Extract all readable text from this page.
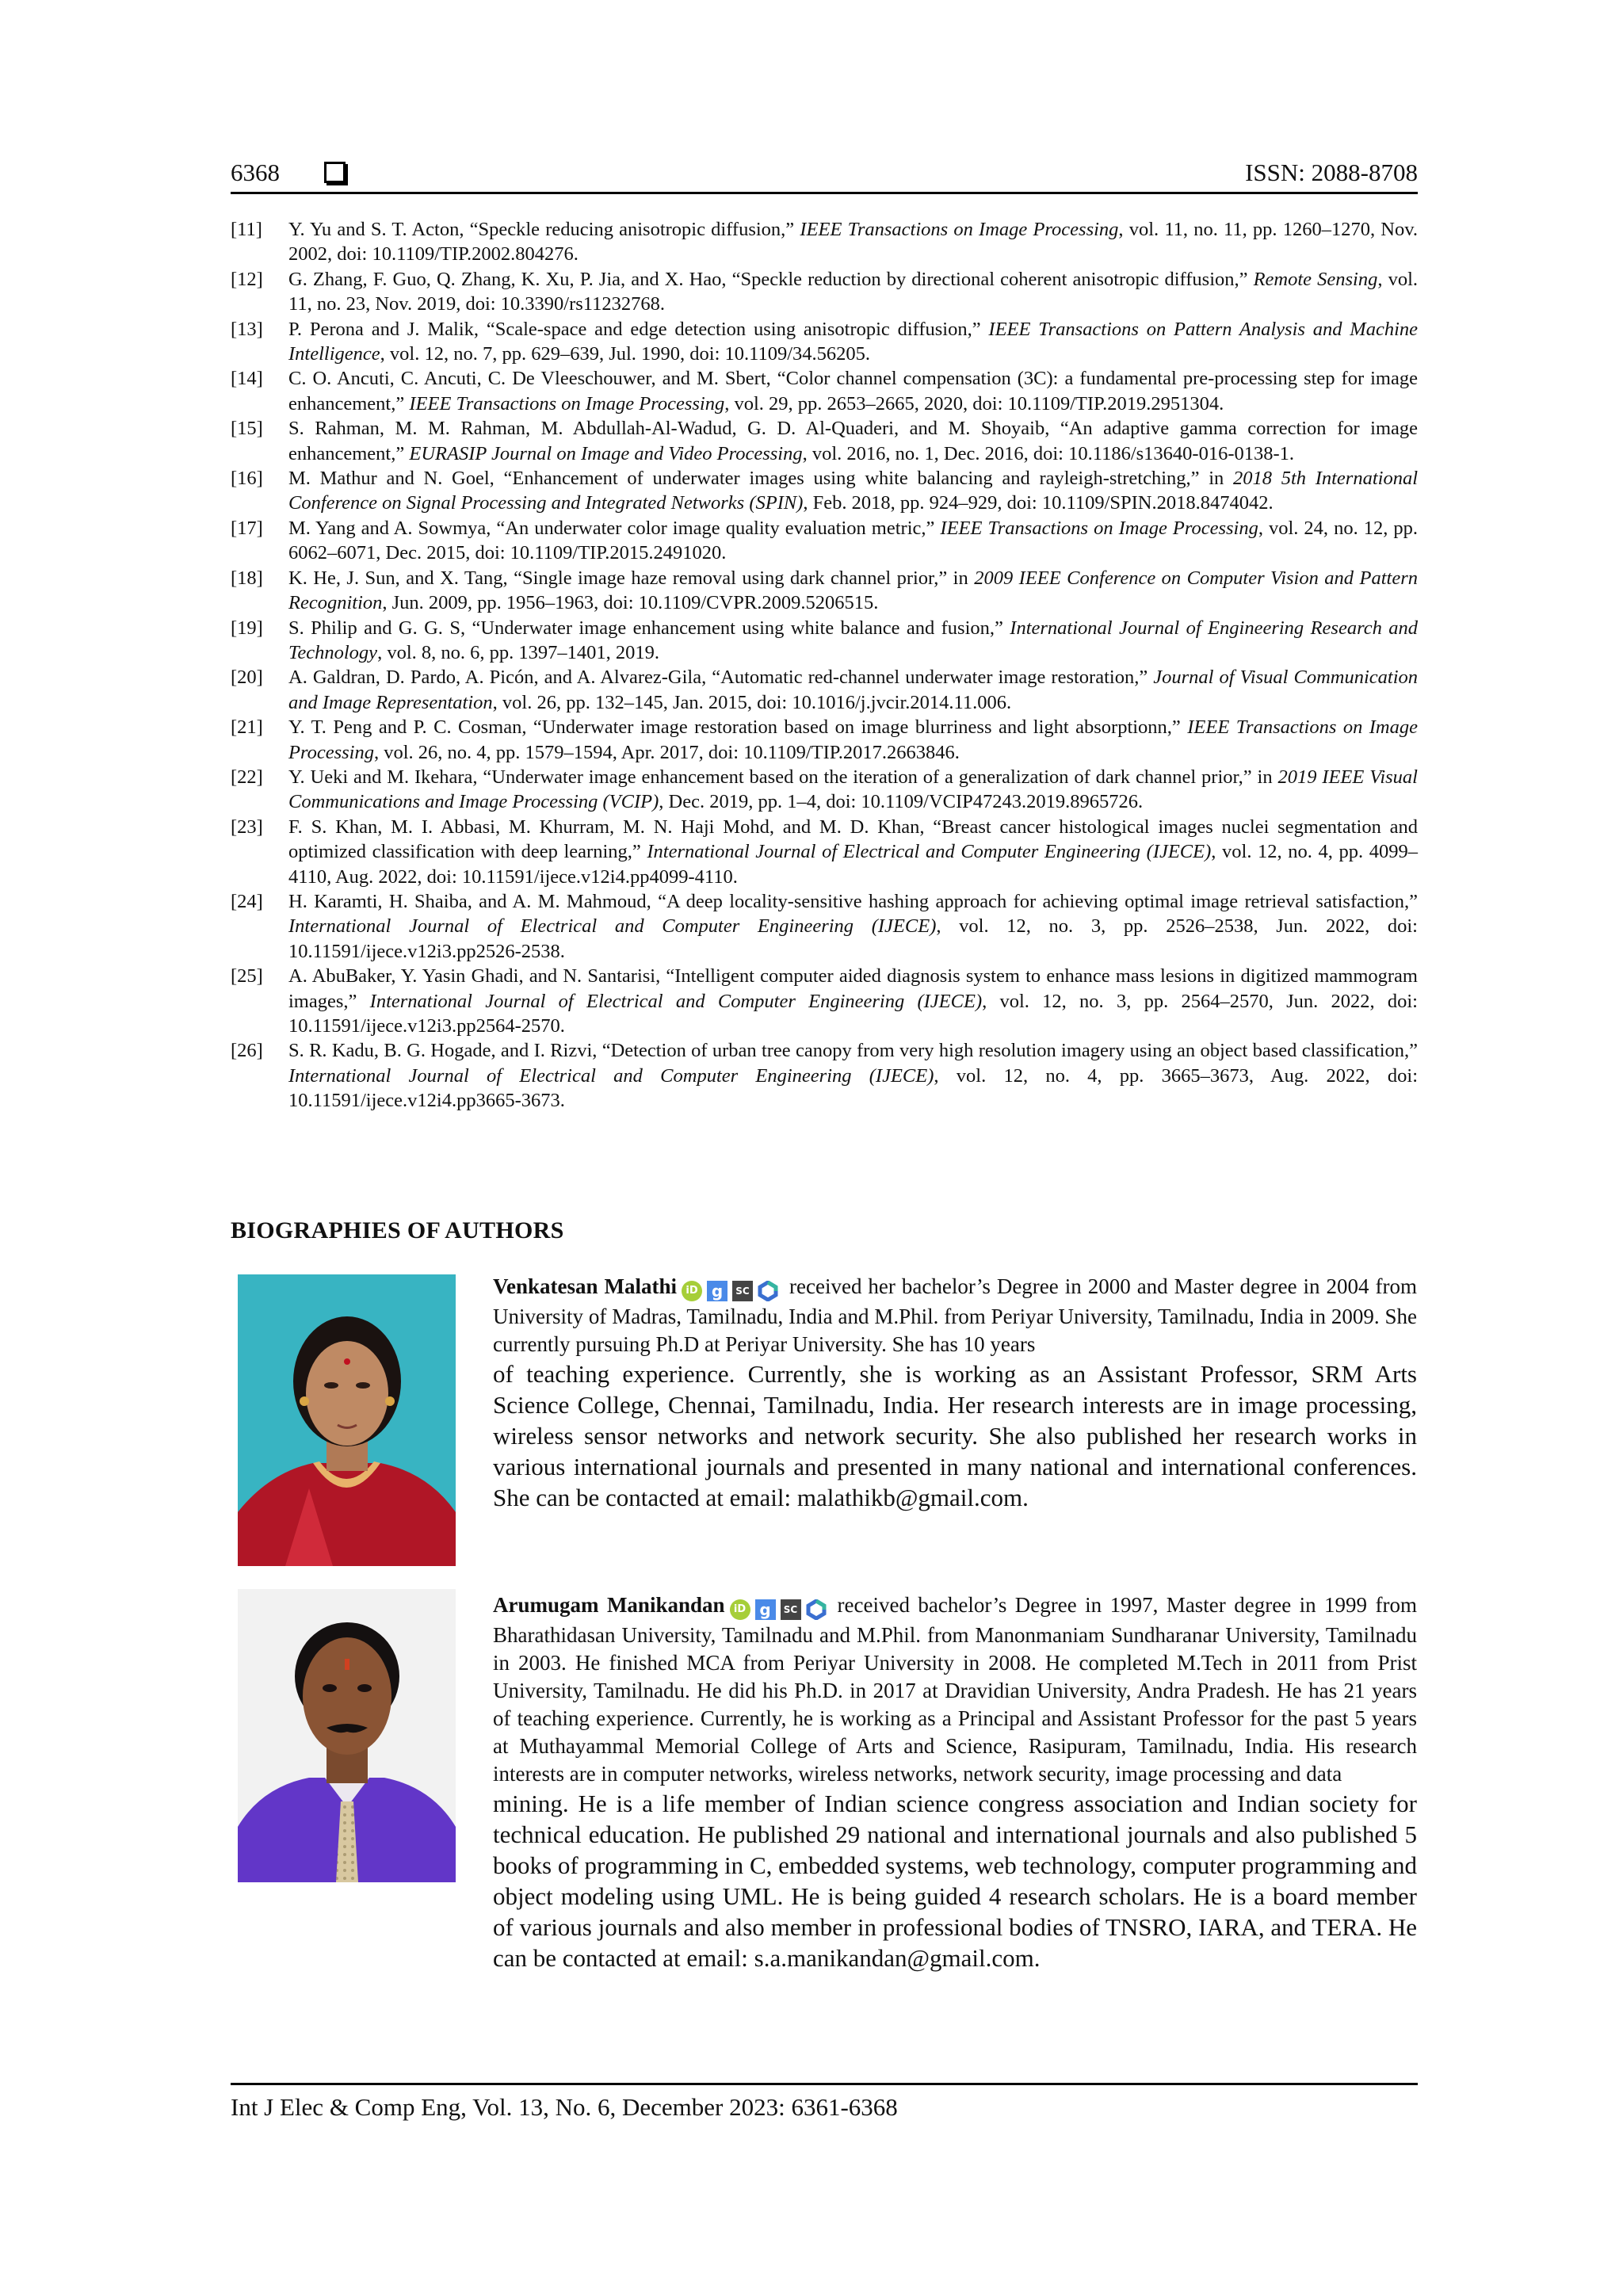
6368	ISSN: 2088-8708
[11] Y. Yu and S. T. Acton, “Speckle reducing anisotropic diffusion,” IEEE Transactions on Image Processing, vol. 11, no. 11, pp. 1260–1270, Nov. 2002, doi: 10.1109/TIP.2002.804276.
[12] G. Zhang, F. Guo, Q. Zhang, K. Xu, P. Jia, and X. Hao, “Speckle reduction by directional coherent anisotropic diffusion,” Remote Sensing, vol. 11, no. 23, Nov. 2019, doi: 10.3390/rs11232768.
[13] P. Perona and J. Malik, “Scale-space and edge detection using anisotropic diffusion,” IEEE Transactions on Pattern Analysis and Machine Intelligence, vol. 12, no. 7, pp. 629–639, Jul. 1990, doi: 10.1109/34.56205.
[14] C. O. Ancuti, C. Ancuti, C. De Vleeschouwer, and M. Sbert, “Color channel compensation (3C): a fundamental pre-processing step for image enhancement,” IEEE Transactions on Image Processing, vol. 29, pp. 2653–2665, 2020, doi: 10.1109/TIP.2019.2951304.
[15] S. Rahman, M. M. Rahman, M. Abdullah-Al-Wadud, G. D. Al-Quaderi, and M. Shoyaib, “An adaptive gamma correction for image enhancement,” EURASIP Journal on Image and Video Processing, vol. 2016, no. 1, Dec. 2016, doi: 10.1186/s13640-016-0138-1.
[16] M. Mathur and N. Goel, “Enhancement of underwater images using white balancing and rayleigh-stretching,” in 2018 5th International Conference on Signal Processing and Integrated Networks (SPIN), Feb. 2018, pp. 924–929, doi: 10.1109/SPIN.2018.8474042.
[17] M. Yang and A. Sowmya, “An underwater color image quality evaluation metric,” IEEE Transactions on Image Processing, vol. 24, no. 12, pp. 6062–6071, Dec. 2015, doi: 10.1109/TIP.2015.2491020.
[18] K. He, J. Sun, and X. Tang, “Single image haze removal using dark channel prior,” in 2009 IEEE Conference on Computer Vision and Pattern Recognition, Jun. 2009, pp. 1956–1963, doi: 10.1109/CVPR.2009.5206515.
[19] S. Philip and G. G. S, “Underwater image enhancement using white balance and fusion,” International Journal of Engineering Research and Technology, vol. 8, no. 6, pp. 1397–1401, 2019.
[20] A. Galdran, D. Pardo, A. Picón, and A. Alvarez-Gila, “Automatic red-channel underwater image restoration,” Journal of Visual Communication and Image Representation, vol. 26, pp. 132–145, Jan. 2015, doi: 10.1016/j.jvcir.2014.11.006.
[21] Y. T. Peng and P. C. Cosman, “Underwater image restoration based on image blurriness and light absorptionn,” IEEE Transactions on Image Processing, vol. 26, no. 4, pp. 1579–1594, Apr. 2017, doi: 10.1109/TIP.2017.2663846.
[22] Y. Ueki and M. Ikehara, “Underwater image enhancement based on the iteration of a generalization of dark channel prior,” in 2019 IEEE Visual Communications and Image Processing (VCIP), Dec. 2019, pp. 1–4, doi: 10.1109/VCIP47243.2019.8965726.
[23] F. S. Khan, M. I. Abbasi, M. Khurram, M. N. Haji Mohd, and M. D. Khan, “Breast cancer histological images nuclei segmentation and optimized classification with deep learning,” International Journal of Electrical and Computer Engineering (IJECE), vol. 12, no. 4, pp. 4099–4110, Aug. 2022, doi: 10.11591/ijece.v12i4.pp4099-4110.
[24] H. Karamti, H. Shaiba, and A. M. Mahmoud, “A deep locality-sensitive hashing approach for achieving optimal image retrieval satisfaction,” International Journal of Electrical and Computer Engineering (IJECE), vol. 12, no. 3, pp. 2526–2538, Jun. 2022, doi: 10.11591/ijece.v12i3.pp2526-2538.
[25] A. AbuBaker, Y. Yasin Ghadi, and N. Santarisi, “Intelligent computer aided diagnosis system to enhance mass lesions in digitized mammogram images,” International Journal of Electrical and Computer Engineering (IJECE), vol. 12, no. 3, pp. 2564–2570, Jun. 2022, doi: 10.11591/ijece.v12i3.pp2564-2570.
[26] S. R. Kadu, B. G. Hogade, and I. Rizvi, “Detection of urban tree canopy from very high resolution imagery using an object based classification,” International Journal of Electrical and Computer Engineering (IJECE), vol. 12, no. 4, pp. 3665–3673, Aug. 2022, doi: 10.11591/ijece.v12i4.pp3665-3673.
BIOGRAPHIES OF AUTHORS
Venkatesan Malathi iD g SC received her bachelor’s Degree in 2000 and Master degree in 2004 from University of Madras, Tamilnadu, India and M.Phil. from Periyar University, Tamilnadu, India in 2009. She currently pursuing Ph.D at Periyar University. She has 10 years
of teaching experience. Currently, she is working as an Assistant Professor, SRM Arts Science College, Chennai, Tamilnadu, India. Her research interests are in image processing, wireless sensor networks and network security. She also published her research works in various international journals and presented in many national and international conferences. She can be contacted at email: malathikb@gmail.com.
Arumugam Manikandan iD g SC received bachelor’s Degree in 1997, Master degree in 1999 from Bharathidasan University, Tamilnadu and M.Phil. from Manonmaniam Sundharanar University, Tamilnadu in 2003. He finished MCA from Periyar University in 2008. He completed M.Tech in 2011 from Prist University, Tamilnadu. He did his Ph.D. in 2017 at Dravidian University, Andra Pradesh. He has 21 years of teaching experience. Currently, he is working as a Principal and Assistant Professor for the past 5 years at Muthayammal Memorial College of Arts and Science, Rasipuram, Tamilnadu, India. His research interests are in computer networks, wireless networks, network security, image processing and data
mining. He is a life member of Indian science congress association and Indian society for technical education. He published 29 national and international journals and also published 5 books of programming in C, embedded systems, web technology, computer programming and object modeling using UML. He is being guided 4 research scholars. He is a board member of various journals and also member in professional bodies of TNSRO, IARA, and TERA. He can be contacted at email: s.a.manikandan@gmail.com.
Int J Elec & Comp Eng, Vol. 13, No. 6, December 2023: 6361-6368
